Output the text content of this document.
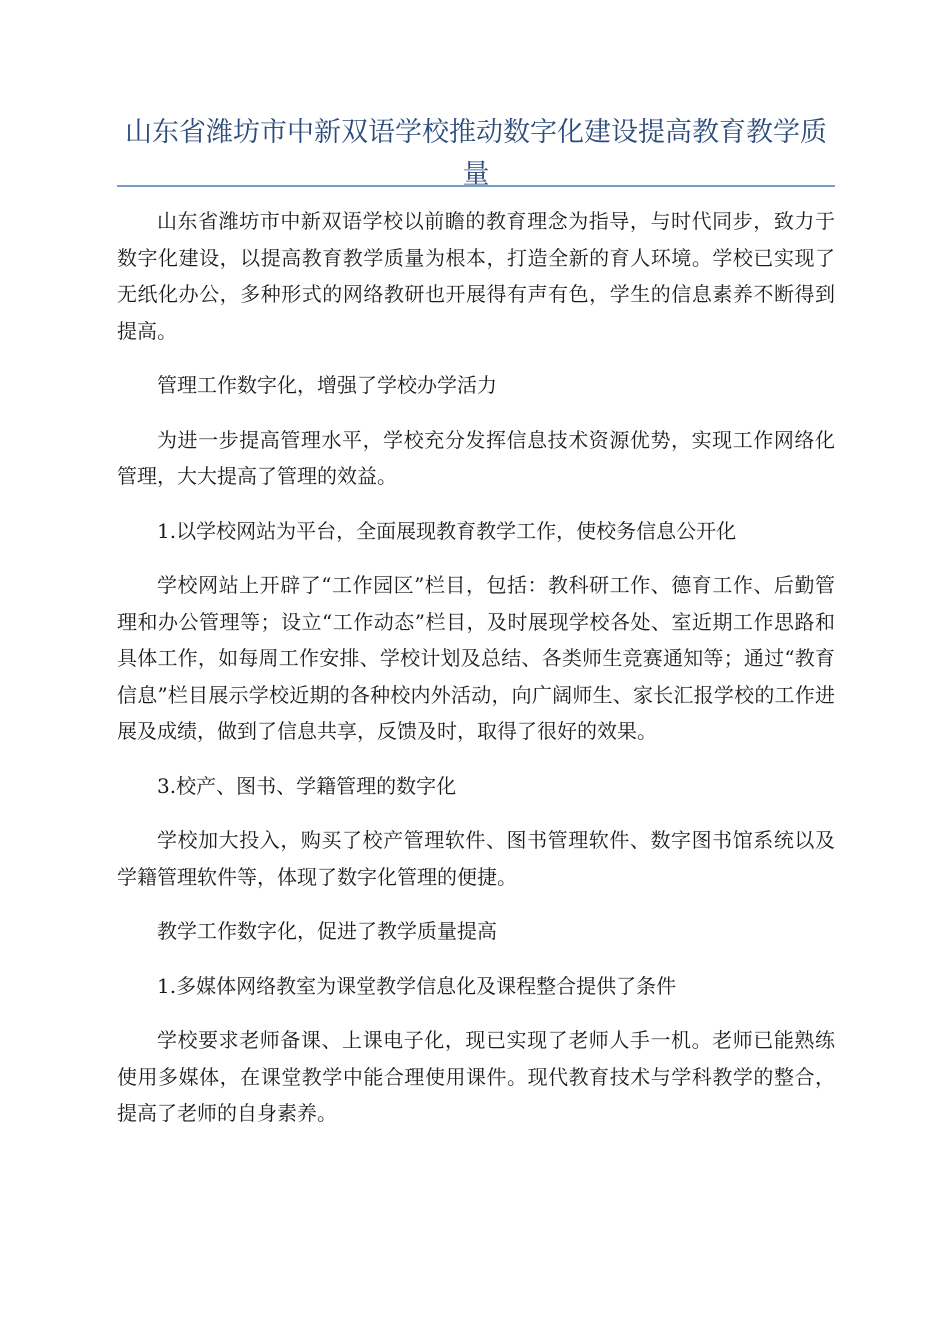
山东省潍坊市中新双语学校推动数字化建设提高教育教学质量

山东省潍坊市中新双语学校以前瞻的教育理念为指导，与时代同步，致力于数字化建设，以提高教育教学质量为根本，打造全新的育人环境。学校已实现了无纸化办公，多种形式的网络教研也开展得有声有色，学生的信息素养不断得到提高。

管理工作数字化，增强了学校办学活力

为进一步提高管理水平，学校充分发挥信息技术资源优势，实现工作网络化管理，大大提高了管理的效益。

1.以学校网站为平台，全面展现教育教学工作，使校务信息公开化

学校网站上开辟了“工作园区”栏目，包括：教科研工作、德育工作、后勤管理和办公管理等；设立“工作动态”栏目，及时展现学校各处、室近期工作思路和具体工作，如每周工作安排、学校计划及总结、各类师生竞赛通知等；通过“教育信息”栏目展示学校近期的各种校内外活动，向广阔师生、家长汇报学校的工作进展及成绩，做到了信息共享，反馈及时，取得了很好的效果。

3.校产、图书、学籍管理的数字化

学校加大投入，购买了校产管理软件、图书管理软件、数字图书馆系统以及学籍管理软件等，体现了数字化管理的便捷。

教学工作数字化，促进了教学质量提高

1.多媒体网络教室为课堂教学信息化及课程整合提供了条件

学校要求老师备课、上课电子化，现已实现了老师人手一机。老师已能熟练使用多媒体，在课堂教学中能合理使用课件。现代教育技术与学科教学的整合，提高了老师的自身素养。
